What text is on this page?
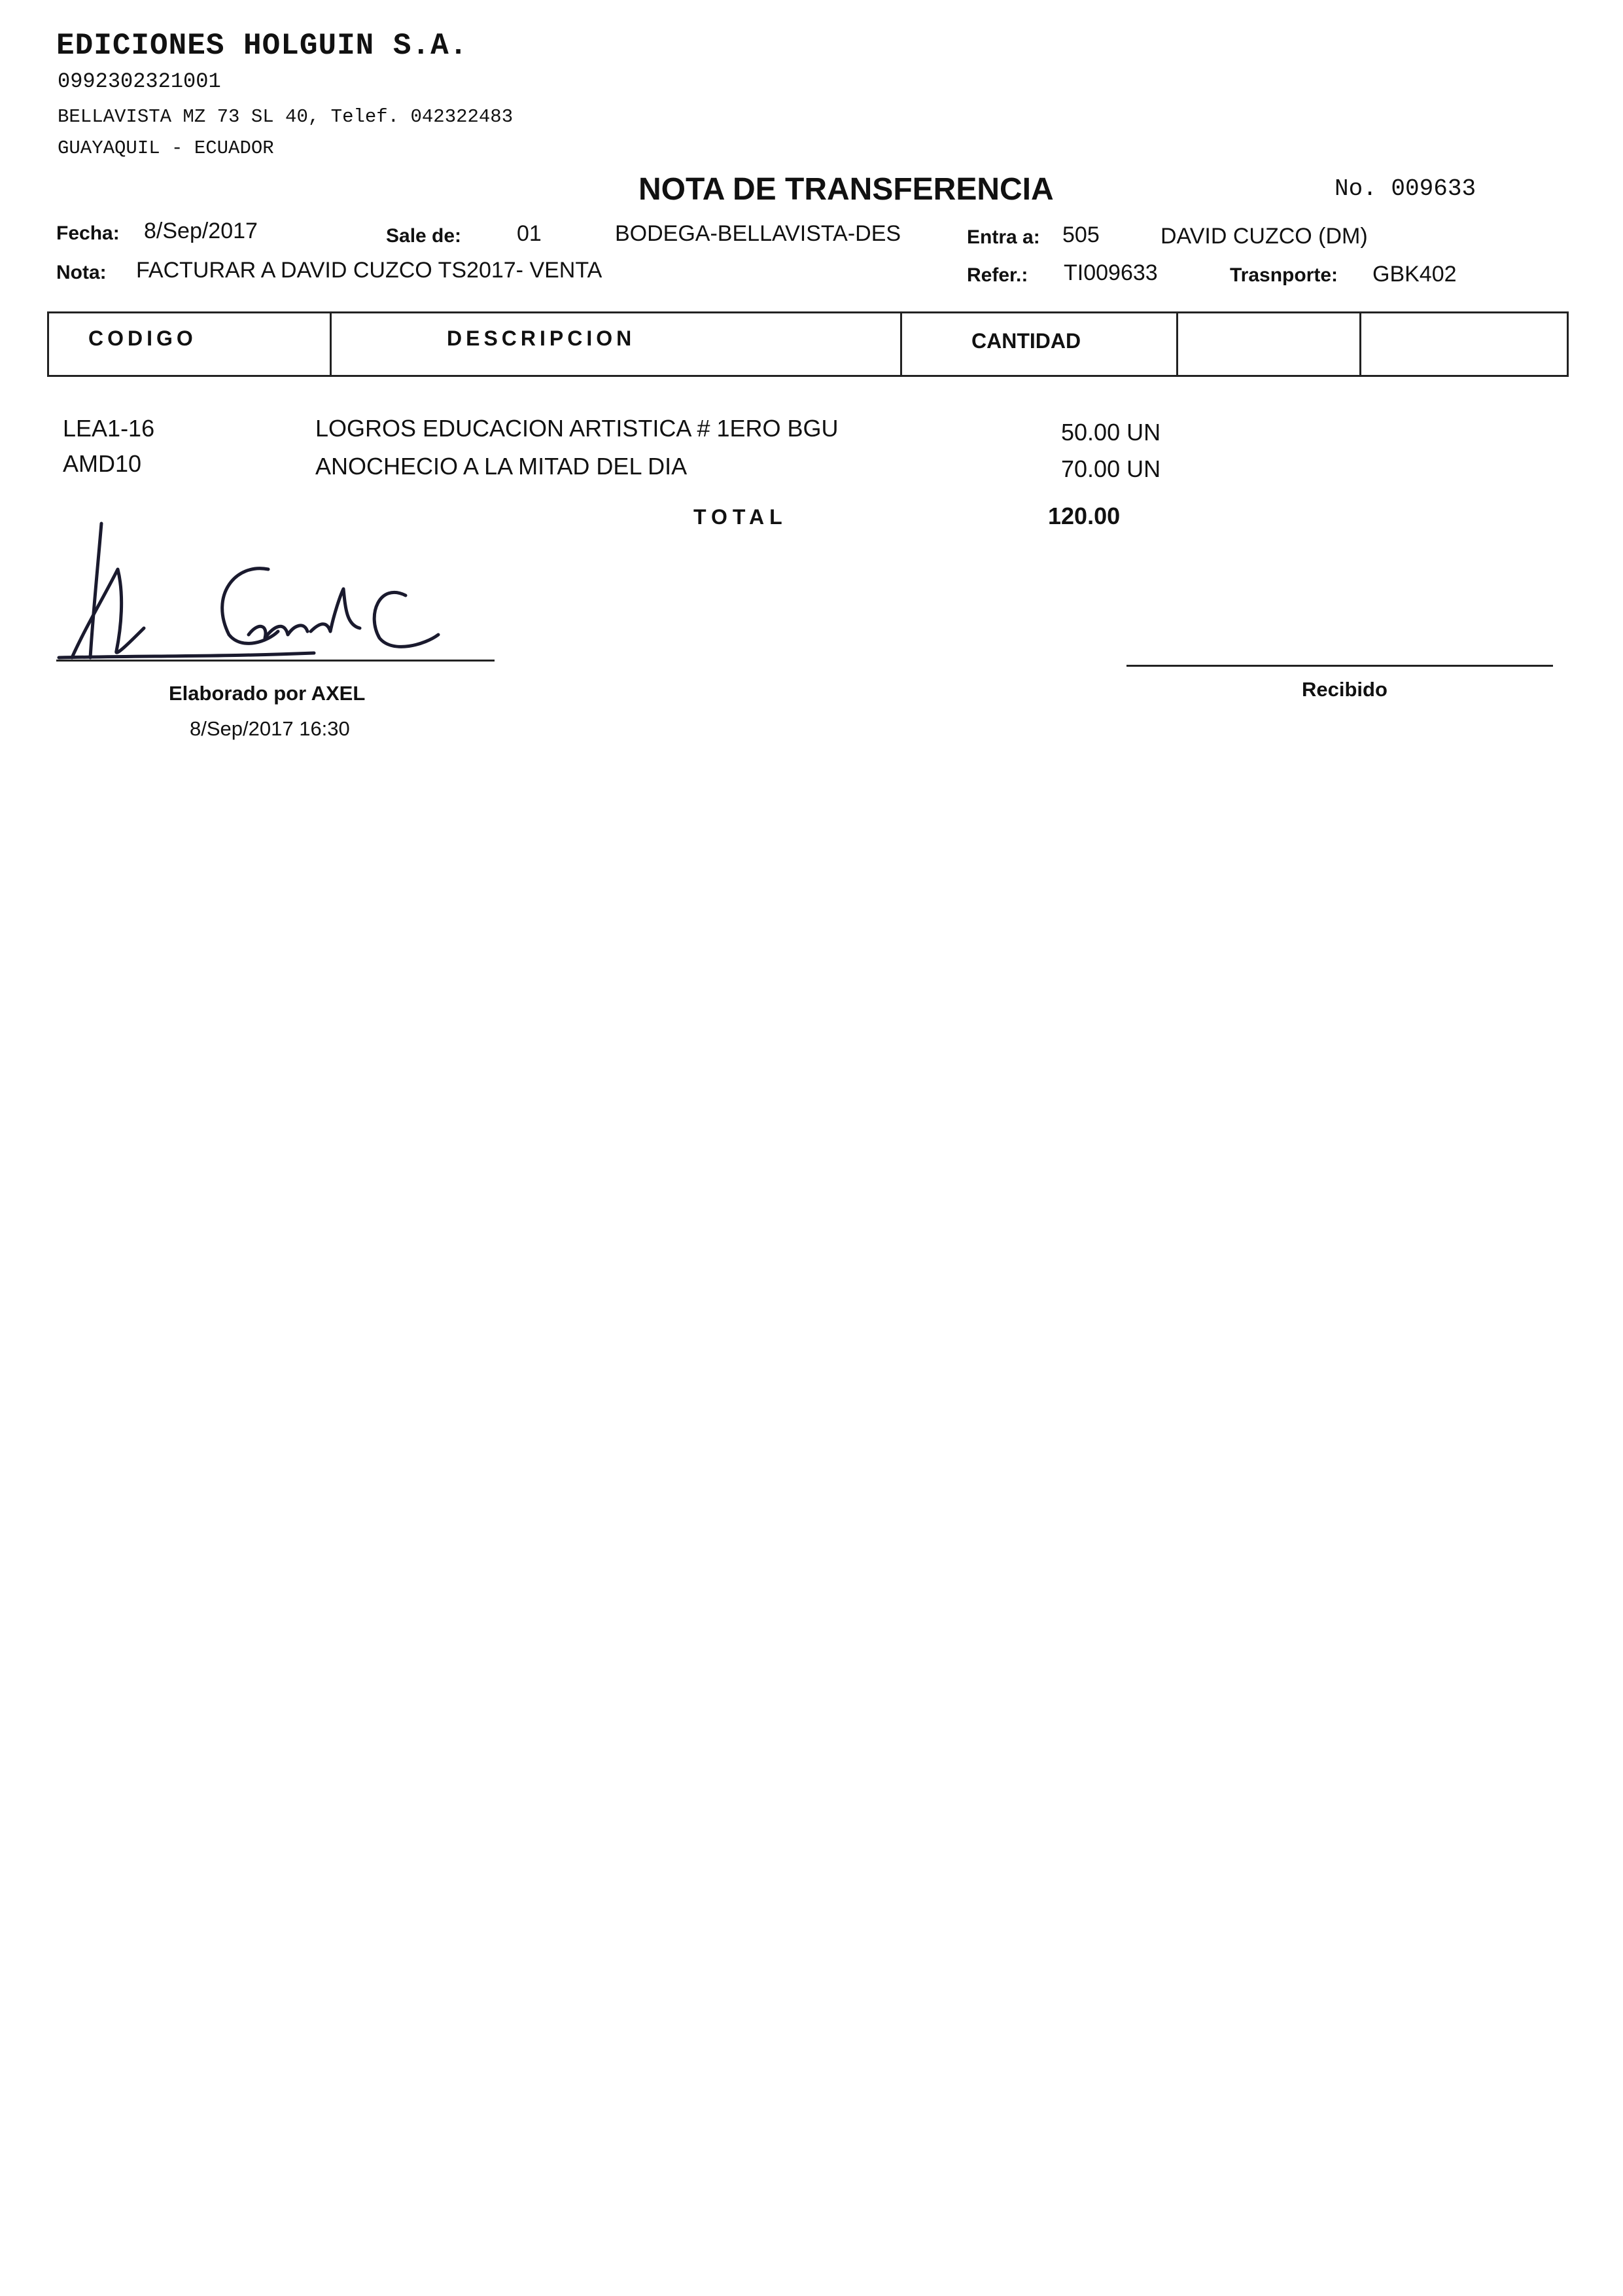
EDICIONES HOLGUIN S.A.
0992302321001
BELLAVISTA MZ 73 SL 40, Telef. 042322483
GUAYAQUIL - ECUADOR
NOTA DE TRANSFERENCIA	No. 009633
Fecha: 8/Sep/2017	Sale de: 01	BODEGA-BELLAVISTA-DES	Entra a: 505	DAVID CUZCO (DM)
Nota: FACTURAR A DAVID CUZCO TS2017- VENTA	Refer.: TI009633	Trasnporte: GBK402
CODIGO	DESCRIPCION	CANTIDAD
LEA1-16	LOGROS EDUCACION ARTISTICA # 1ERO BGU	50.00 UN
AMD10	ANOCHECIO A LA MITAD DEL DIA	70.00 UN
TOTAL	120.00
Elaborado por AXEL
8/Sep/2017 16:30
Recibido
